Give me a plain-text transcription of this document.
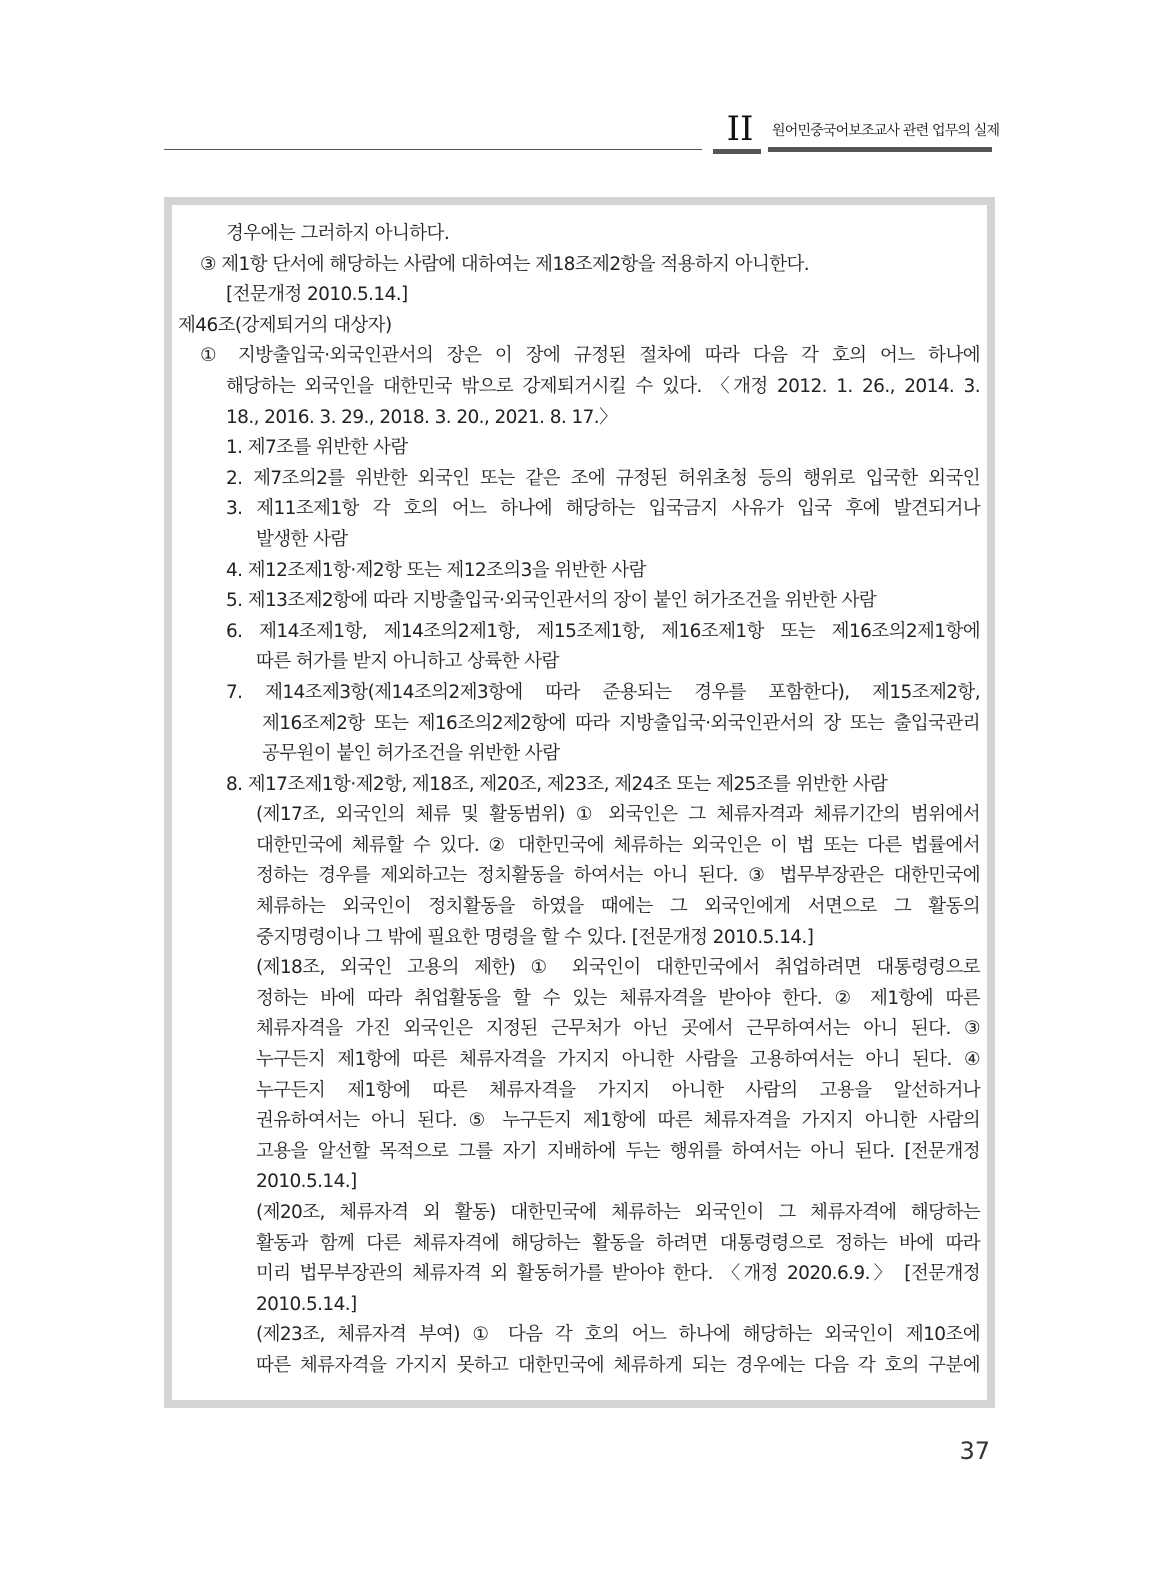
II	원어민중국어보조교사 관련 업무의 실제
경우에는 그러하지 아니하다.
③ 제1항 단서에 해당하는 사람에 대하여는 제18조제2항을 적용하지 아니한다.
[전문개정 2010.5.14.]
제46조(강제퇴거의 대상자)
① 지방출입국·외국인관서의 장은 이 장에 규정된 절차에 따라 다음 각 호의 어느 하나에
해당하는 외국인을 대한민국 밖으로 강제퇴거시킬 수 있다. 〈개정 2012. 1. 26., 2014. 3.
18., 2016. 3. 29., 2018. 3. 20., 2021. 8. 17.〉
1. 제7조를 위반한 사람
2. 제7조의2를 위반한 외국인 또는 같은 조에 규정된 허위초청 등의 행위로 입국한 외국인
3. 제11조제1항 각 호의 어느 하나에 해당하는 입국금지 사유가 입국 후에 발견되거나
발생한 사람
4. 제12조제1항·제2항 또는 제12조의3을 위반한 사람
5. 제13조제2항에 따라 지방출입국·외국인관서의 장이 붙인 허가조건을 위반한 사람
6. 제14조제1항, 제14조의2제1항, 제15조제1항, 제16조제1항 또는 제16조의2제1항에
따른 허가를 받지 아니하고 상륙한 사람
7. 제14조제3항(제14조의2제3항에 따라 준용되는 경우를 포함한다), 제15조제2항,
제16조제2항 또는 제16조의2제2항에 따라 지방출입국·외국인관서의 장 또는 출입국관리
공무원이 붙인 허가조건을 위반한 사람
8. 제17조제1항·제2항, 제18조, 제20조, 제23조, 제24조 또는 제25조를 위반한 사람
(제17조, 외국인의 체류 및 활동범위) ① 외국인은 그 체류자격과 체류기간의 범위에서
대한민국에 체류할 수 있다. ② 대한민국에 체류하는 외국인은 이 법 또는 다른 법률에서
정하는 경우를 제외하고는 정치활동을 하여서는 아니 된다. ③ 법무부장관은 대한민국에
체류하는 외국인이 정치활동을 하였을 때에는 그 외국인에게 서면으로 그 활동의
중지명령이나 그 밖에 필요한 명령을 할 수 있다. [전문개정 2010.5.14.]
(제18조, 외국인 고용의 제한) ① 외국인이 대한민국에서 취업하려면 대통령령으로
정하는 바에 따라 취업활동을 할 수 있는 체류자격을 받아야 한다. ② 제1항에 따른
체류자격을 가진 외국인은 지정된 근무처가 아닌 곳에서 근무하여서는 아니 된다. ③
누구든지 제1항에 따른 체류자격을 가지지 아니한 사람을 고용하여서는 아니 된다. ④
누구든지 제1항에 따른 체류자격을 가지지 아니한 사람의 고용을 알선하거나
권유하여서는 아니 된다. ⑤ 누구든지 제1항에 따른 체류자격을 가지지 아니한 사람의
고용을 알선할 목적으로 그를 자기 지배하에 두는 행위를 하여서는 아니 된다. [전문개정
2010.5.14.]
(제20조, 체류자격 외 활동) 대한민국에 체류하는 외국인이 그 체류자격에 해당하는
활동과 함께 다른 체류자격에 해당하는 활동을 하려면 대통령령으로 정하는 바에 따라
미리 법무부장관의 체류자격 외 활동허가를 받아야 한다. 〈개정 2020.6.9.〉 [전문개정
2010.5.14.]
(제23조, 체류자격 부여) ① 다음 각 호의 어느 하나에 해당하는 외국인이 제10조에
따른 체류자격을 가지지 못하고 대한민국에 체류하게 되는 경우에는 다음 각 호의 구분에
37
